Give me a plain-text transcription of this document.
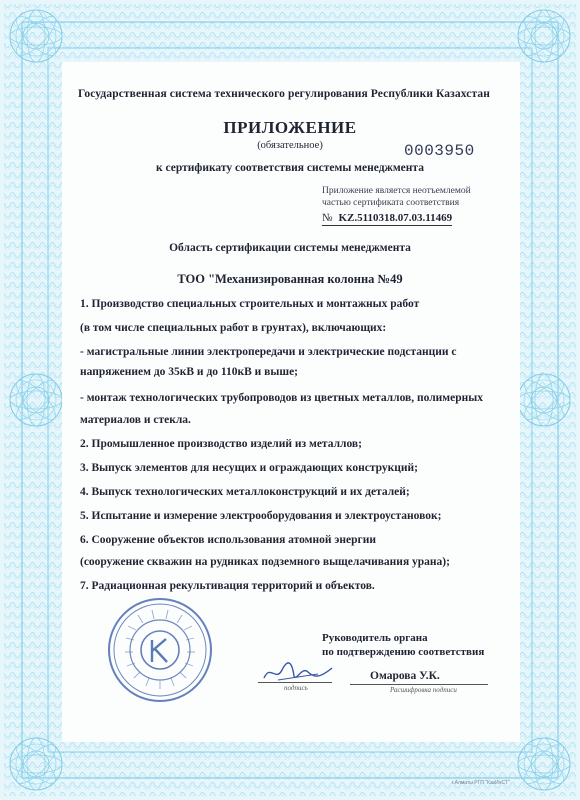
Государственная система технического регулирования Республики Казахстан
ПРИЛОЖЕНИЕ
(обязательное)	0003950
к сертификату соответствия системы менеджмента
Приложение является неотъемлемой
частью сертификата соответствия
№ KZ.5110318.07.03.11469
Область сертификации системы менеджмента
ТОО "Механизированная колонна №49
1. Производство специальных строительных и монтажных работ
(в том числе специальных работ в грунтах), включающих:
- магистральные линии электропередачи и электрические подстанции с
напряжением до 35кВ и до 110кВ и выше;
- монтаж технологических трубопроводов из цветных металлов, полимерных
материалов и стекла.
2. Промышленное производство изделий из металлов;
3. Выпуск элементов для несущих и ограждающих конструкций;
4. Выпуск технологических металлоконструкций и их деталей;
5. Испытание и измерение электрооборудования и электроустановок;
6. Сооружение объектов использования атомной энергии
(сооружение скважин на рудниках подземного выщелачивания урана);
7. Радиационная рекультивация территорий и объектов.
Руководитель органа
по подтверждению соответствия
подпись
Омарова У.К.
Расшифровка подписи
г.Алматы РГП "КазИнСТ"
